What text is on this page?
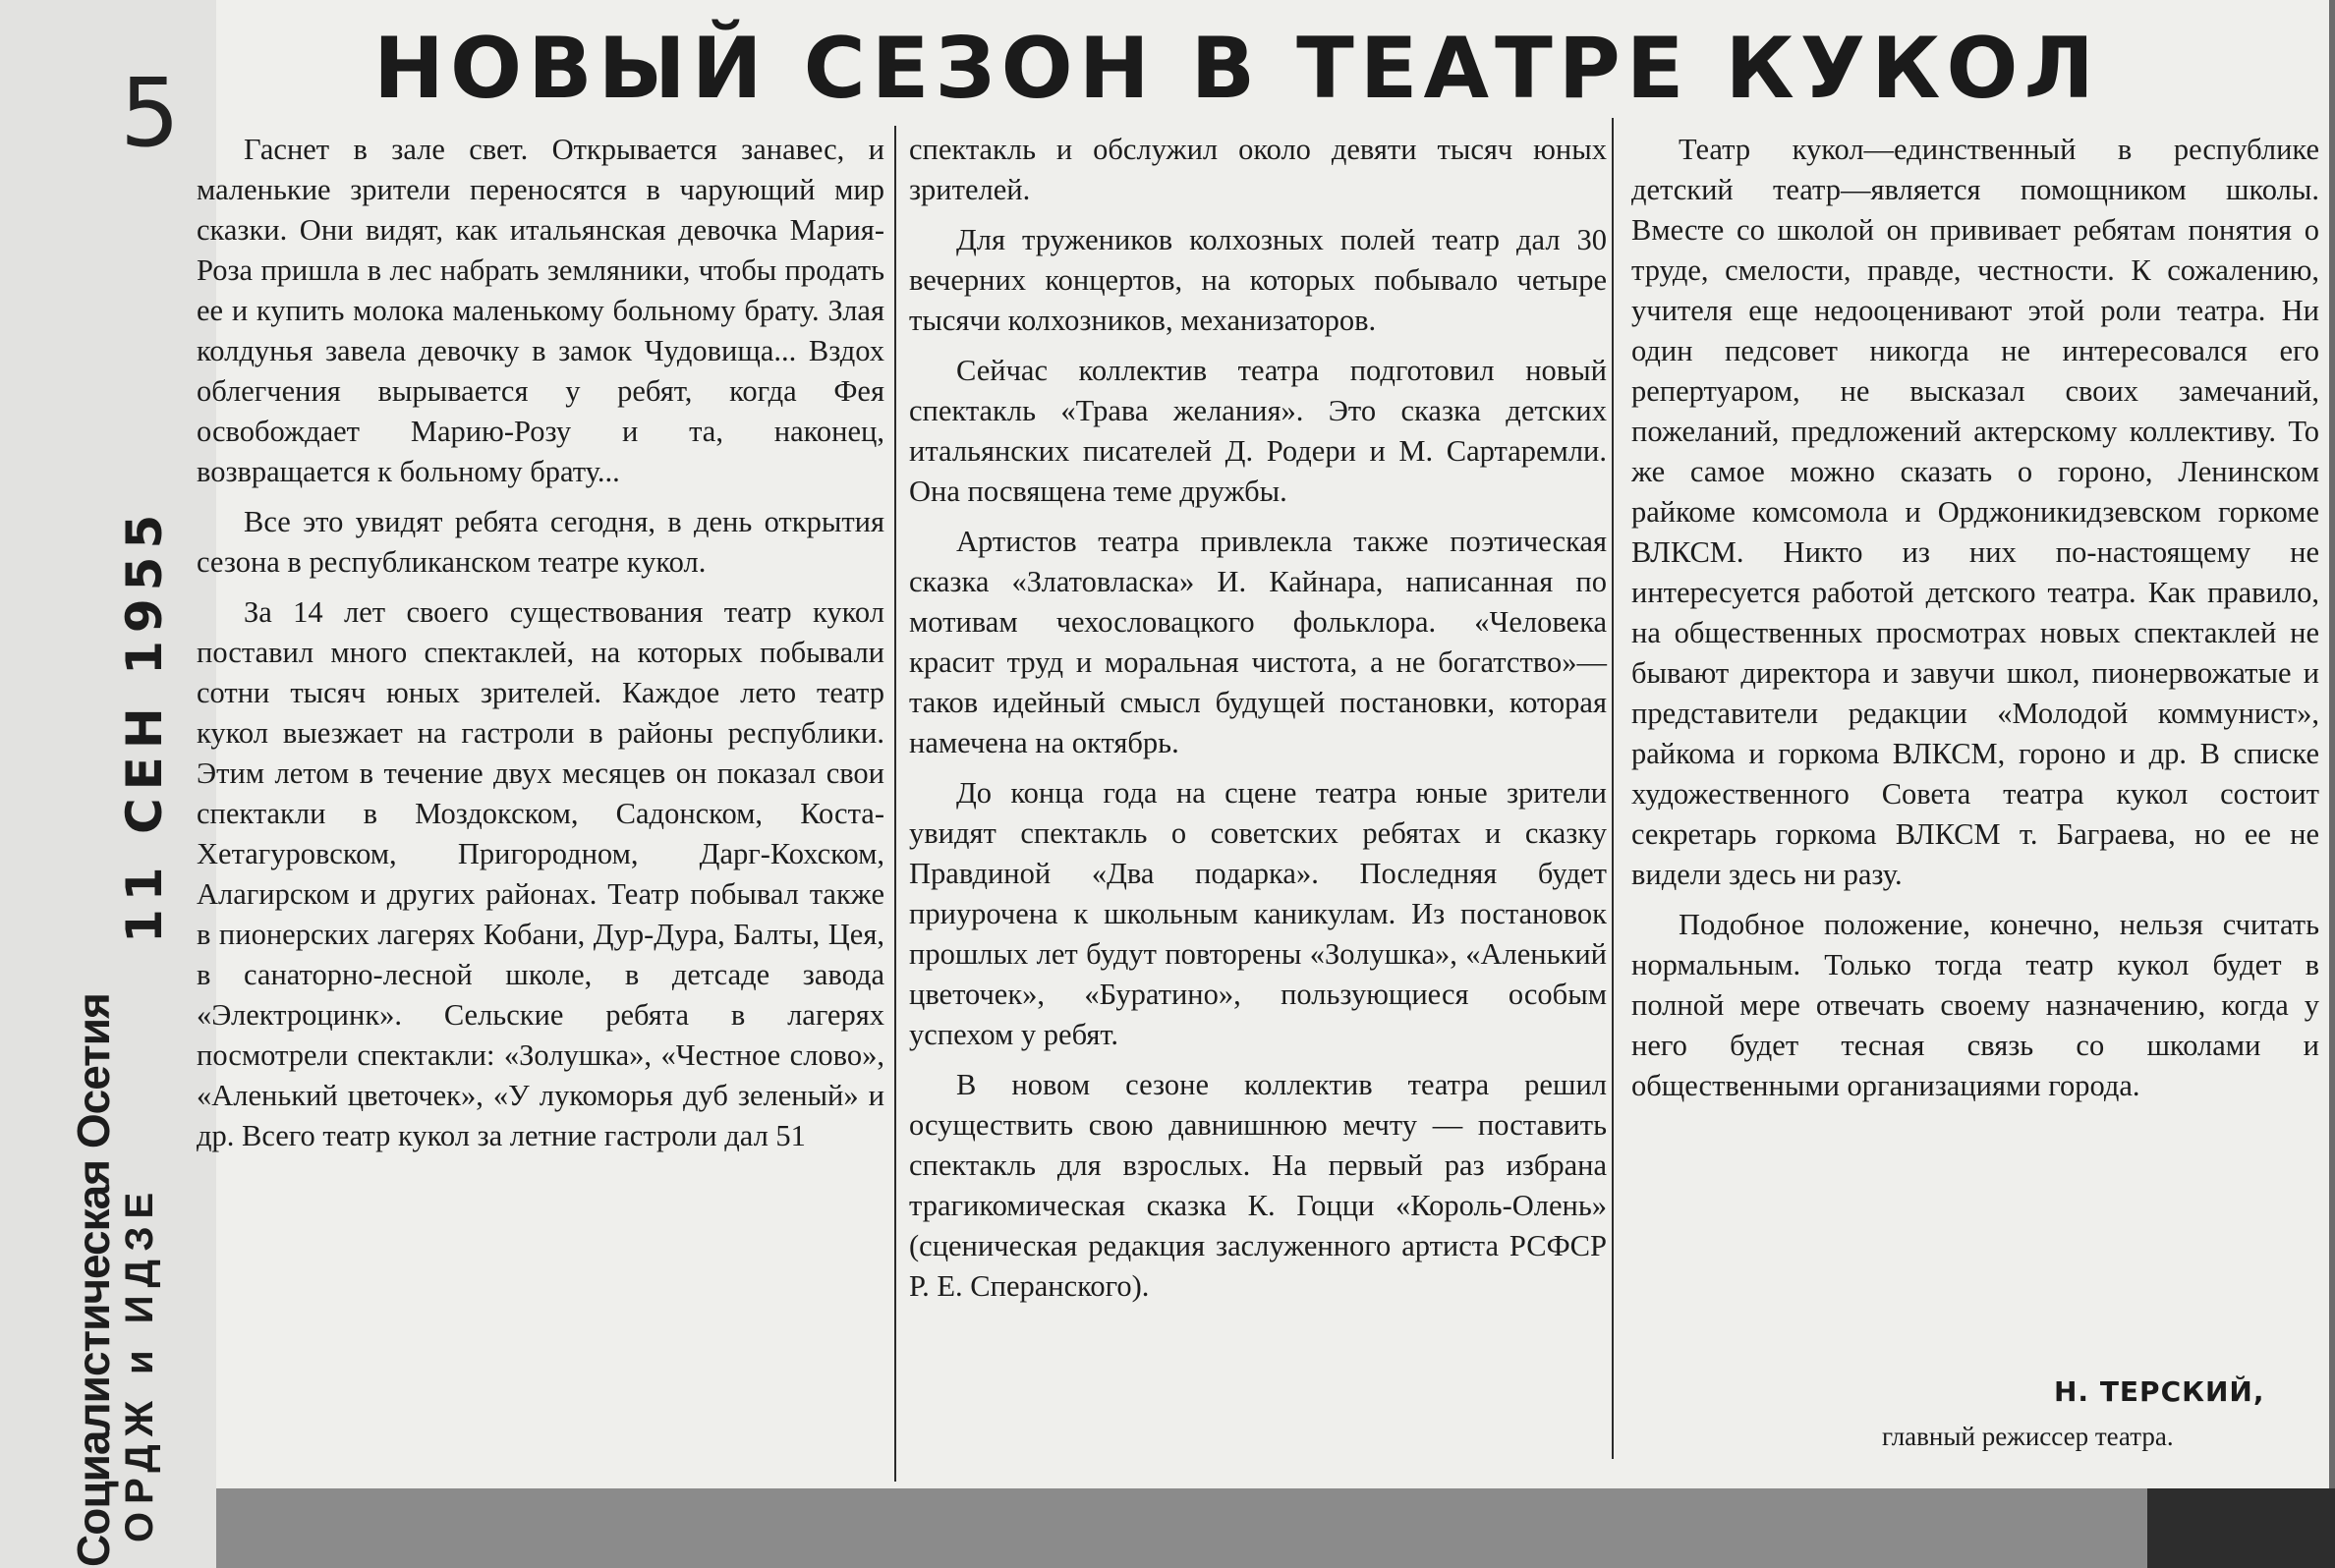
Социалистическая Осетия ОРДЖ и ИДЗЕ
11 СЕН 1955
5	НОВЫЙ СЕЗОН В ТЕАТРЕ КУКОЛ

Гаснет в зале свет. Открывается занавес, и маленькие зрители переносятся в чарующий мир сказки. Они видят, как итальянская девочка Мария-Роза пришла в лес набрать земляники, чтобы продать ее и купить молока маленькому больному брату. Злая колдунья завела девочку в замок Чудовища... Вздох облегчения вырывается у ребят, когда Фея освобождает Марию-Розу и та, наконец, возвращается к больному брату...

Все это увидят ребята сегодня, в день открытия сезона в республиканском театре кукол.

За 14 лет своего существования театр кукол поставил много спектаклей, на которых побывали сотни тысяч юных зрителей. Каждое лето театр кукол выезжает на гастроли в районы республики. Этим летом в течение двух месяцев он показал свои спектакли в Моздокском, Садонском, Коста-Хетагуровском, Пригородном, Дарг-Кохском, Алагирском и других районах. Театр побывал также в пионерских лагерях Кобани, Дур-Дура, Балты, Цея, в санаторно-лесной школе, в детсаде завода «Электроцинк». Сельские ребята в лагерях посмотрели спектакли: «Золушка», «Честное слово», «Аленький цветочек», «У лукоморья дуб зеленый» и др. Всего театр кукол за летние гастроли дал 51

спектакль и обслужил около девяти тысяч юных зрителей.

Для тружеников колхозных полей театр дал 30 вечерних концертов, на которых побывало четыре тысячи колхозников, механизаторов.

Сейчас коллектив театра подготовил новый спектакль «Трава желания». Это сказка детских итальянских писателей Д. Родери и М. Сартаремли. Она посвящена теме дружбы.

Артистов театра привлекла также поэтическая сказка «Златовласка» И. Кайнара, написанная по мотивам чехословацкого фольклора. «Человека красит труд и моральная чистота, а не богатство»—таков идейный смысл будущей постановки, которая намечена на октябрь.

До конца года на сцене театра юные зрители увидят спектакль о советских ребятах и сказку Правдиной «Два подарка». Последняя будет приурочена к школьным каникулам. Из постановок прошлых лет будут повторены «Золушка», «Аленький цветочек», «Буратино», пользующиеся особым успехом у ребят.

В новом сезоне коллектив театра решил осуществить свою давнишнюю мечту — поставить спектакль для взрослых. На первый раз избрана трагикомическая сказка К. Гоцци «Король-Олень» (сценическая редакция заслуженного артиста РСФСР Р. Е. Сперанского).

Театр кукол—единственный в республике детский театр—является помощником школы. Вместе со школой он прививает ребятам понятия о труде, смелости, правде, честности. К сожалению, учителя еще недооценивают этой роли театра. Ни один педсовет никогда не интересовался его репертуаром, не высказал своих замечаний, пожеланий, предложений актерскому коллективу. То же самое можно сказать о гороно, Ленинском райкоме комсомола и Орджоникидзевском горкоме ВЛКСМ. Никто из них по-настоящему не интересуется работой детского театра. Как правило, на общественных просмотрах новых спектаклей не бывают директора и завучи школ, пионервожатые и представители редакции «Молодой коммунист», райкома и горкома ВЛКСМ, гороно и др. В списке художественного Совета театра кукол состоит секретарь горкома ВЛКСМ т. Баграева, но ее не видели здесь ни разу.

Подобное положение, конечно, нельзя считать нормальным. Только тогда театр кукол будет в полной мере отвечать своему назначению, когда у него будет тесная связь со школами и общественными организациями города.

Н. ТЕРСКИЙ,
главный режиссер театра.
